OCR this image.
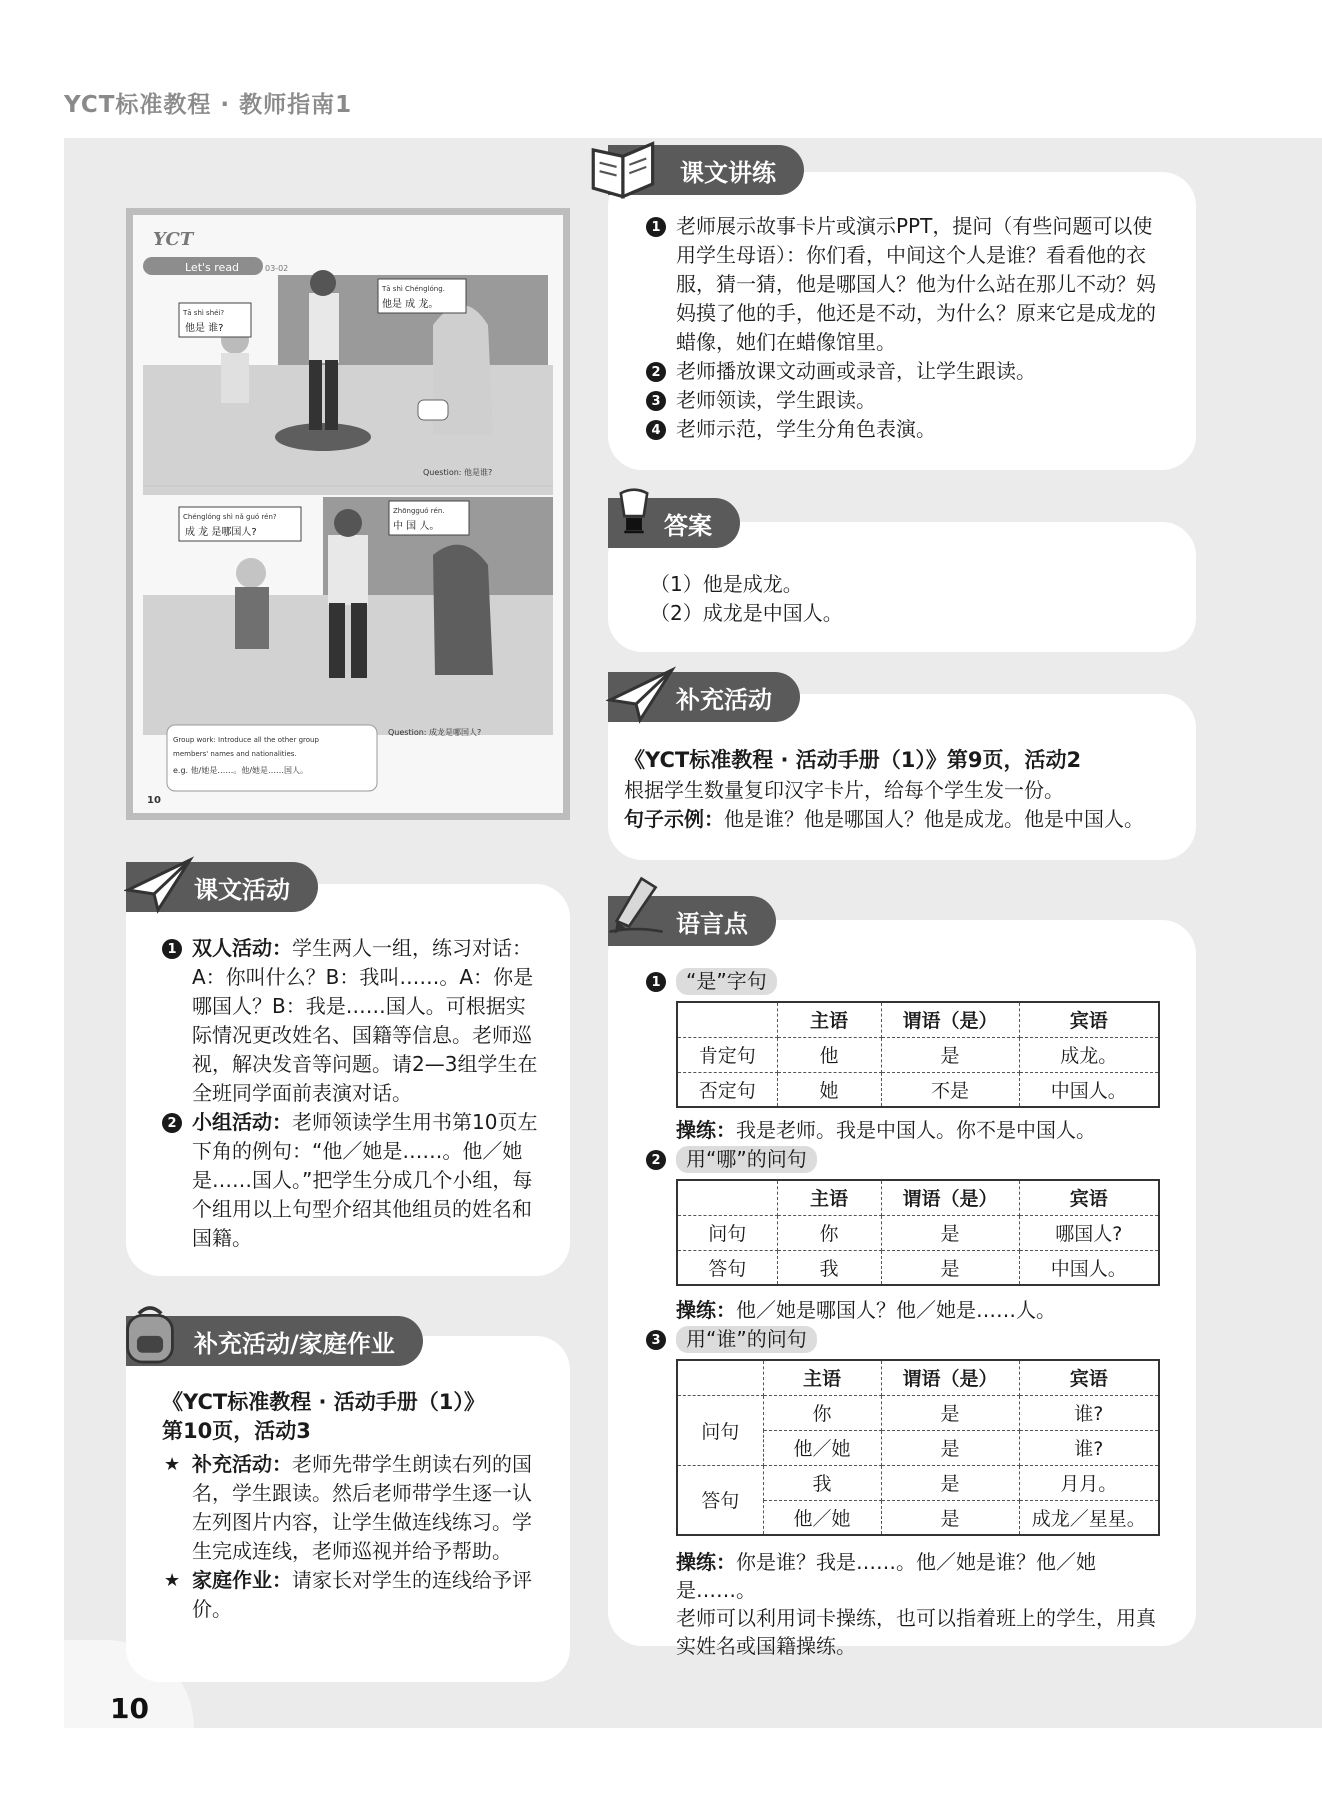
YCT标准教程 · 教师指南1
YCT
Let's read	03-02
Tā shì shéi?
他是 谁?
Tā shì Chénglóng.
他是 成 龙。
Question: 他是谁?
Chénglóng shì nǎ guó rén?
成 龙 是哪国人?
Zhōngguó rén.
中 国 人。
Question: 成龙是哪国人?
Group work: Introduce all the other group
members' names and nationalities.
e.g. 他/她是……。他/她是……国人。
10
1 老师展示故事卡片或演示PPT，提问（有些问题可以使用学生母语）：你们看，中间这个人是谁？看看他的衣服，猜一猜，他是哪国人？他为什么站在那儿不动？妈妈摸了他的手，他还是不动，为什么？原来它是成龙的蜡像，她们在蜡像馆里。
2 老师播放课文动画或录音，让学生跟读。
3 老师领读，学生跟读。
4 老师示范，学生分角色表演。
课文讲练
（1）他是成龙。
（2）成龙是中国人。
答案
《YCT标准教程 · 活动手册（1）》第9页，活动2
根据学生数量复印汉字卡片，给每个学生发一份。
句子示例：他是谁？他是哪国人？他是成龙。他是中国人。
补充活动
1 双人活动：学生两人一组，练习对话：A：你叫什么？B：我叫……。A：你是哪国人？B：我是……国人。可根据实际情况更改姓名、国籍等信息。老师巡视，解决发音等问题。请2—3组学生在全班同学面前表演对话。
2 小组活动：老师领读学生用书第10页左下角的例句：“他／她是……。他／她是……国人。”把学生分成几个小组，每个组用以上句型介绍其他组员的姓名和国籍。
课文活动
《YCT标准教程 · 活动手册（1）》
第10页，活动3
★ 补充活动：老师先带学生朗读右列的国名，学生跟读。然后老师带学生逐一认左列图片内容，让学生做连线练习。学生完成连线，老师巡视并给予帮助。
★ 家庭作业：请家长对学生的连线给予评价。
补充活动/家庭作业
1 “是”字句
	主语	谓语（是）	宾语
肯定句	他	是	成龙。
否定句	她	不是	中国人。
操练：我是老师。我是中国人。你不是中国人。
2 用“哪”的问句
	主语	谓语（是）	宾语
问句	你	是	哪国人?
答句	我	是	中国人。
操练：他／她是哪国人？他／她是……人。
3 用“谁”的问句
	主语	谓语（是）	宾语
问句	你	是	谁?
	他／她	是	谁?
答句	我	是	月月。
	他／她	是	成龙／星星。
操练：你是谁？我是……。他／她是谁？他／她是……。
老师可以利用词卡操练，也可以指着班上的学生，用真实姓名或国籍操练。
语言点
10
